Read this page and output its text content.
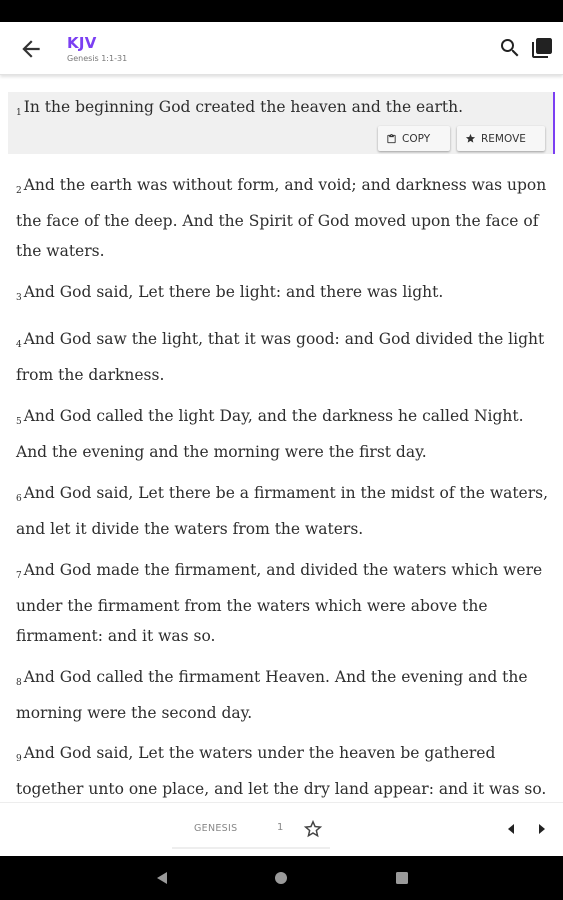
KJV
Genesis 1:1-31
1 In the beginning God created the heaven and the earth.
COPY	REMOVE
2 And the earth was without form, and void; and darkness was upon the face of the deep. And the Spirit of God moved upon the face of the waters.
3 And God said, Let there be light: and there was light.
4 And God saw the light, that it was good: and God divided the light from the darkness.
5 And God called the light Day, and the darkness he called Night. And the evening and the morning were the first day.
6 And God said, Let there be a firmament in the midst of the waters, and let it divide the waters from the waters.
7 And God made the firmament, and divided the waters which were under the firmament from the waters which were above the firmament: and it was so.
8 And God called the firmament Heaven. And the evening and the morning were the second day.
9 And God said, Let the waters under the heaven be gathered together unto one place, and let the dry land appear: and it was so.
GENESIS	1
